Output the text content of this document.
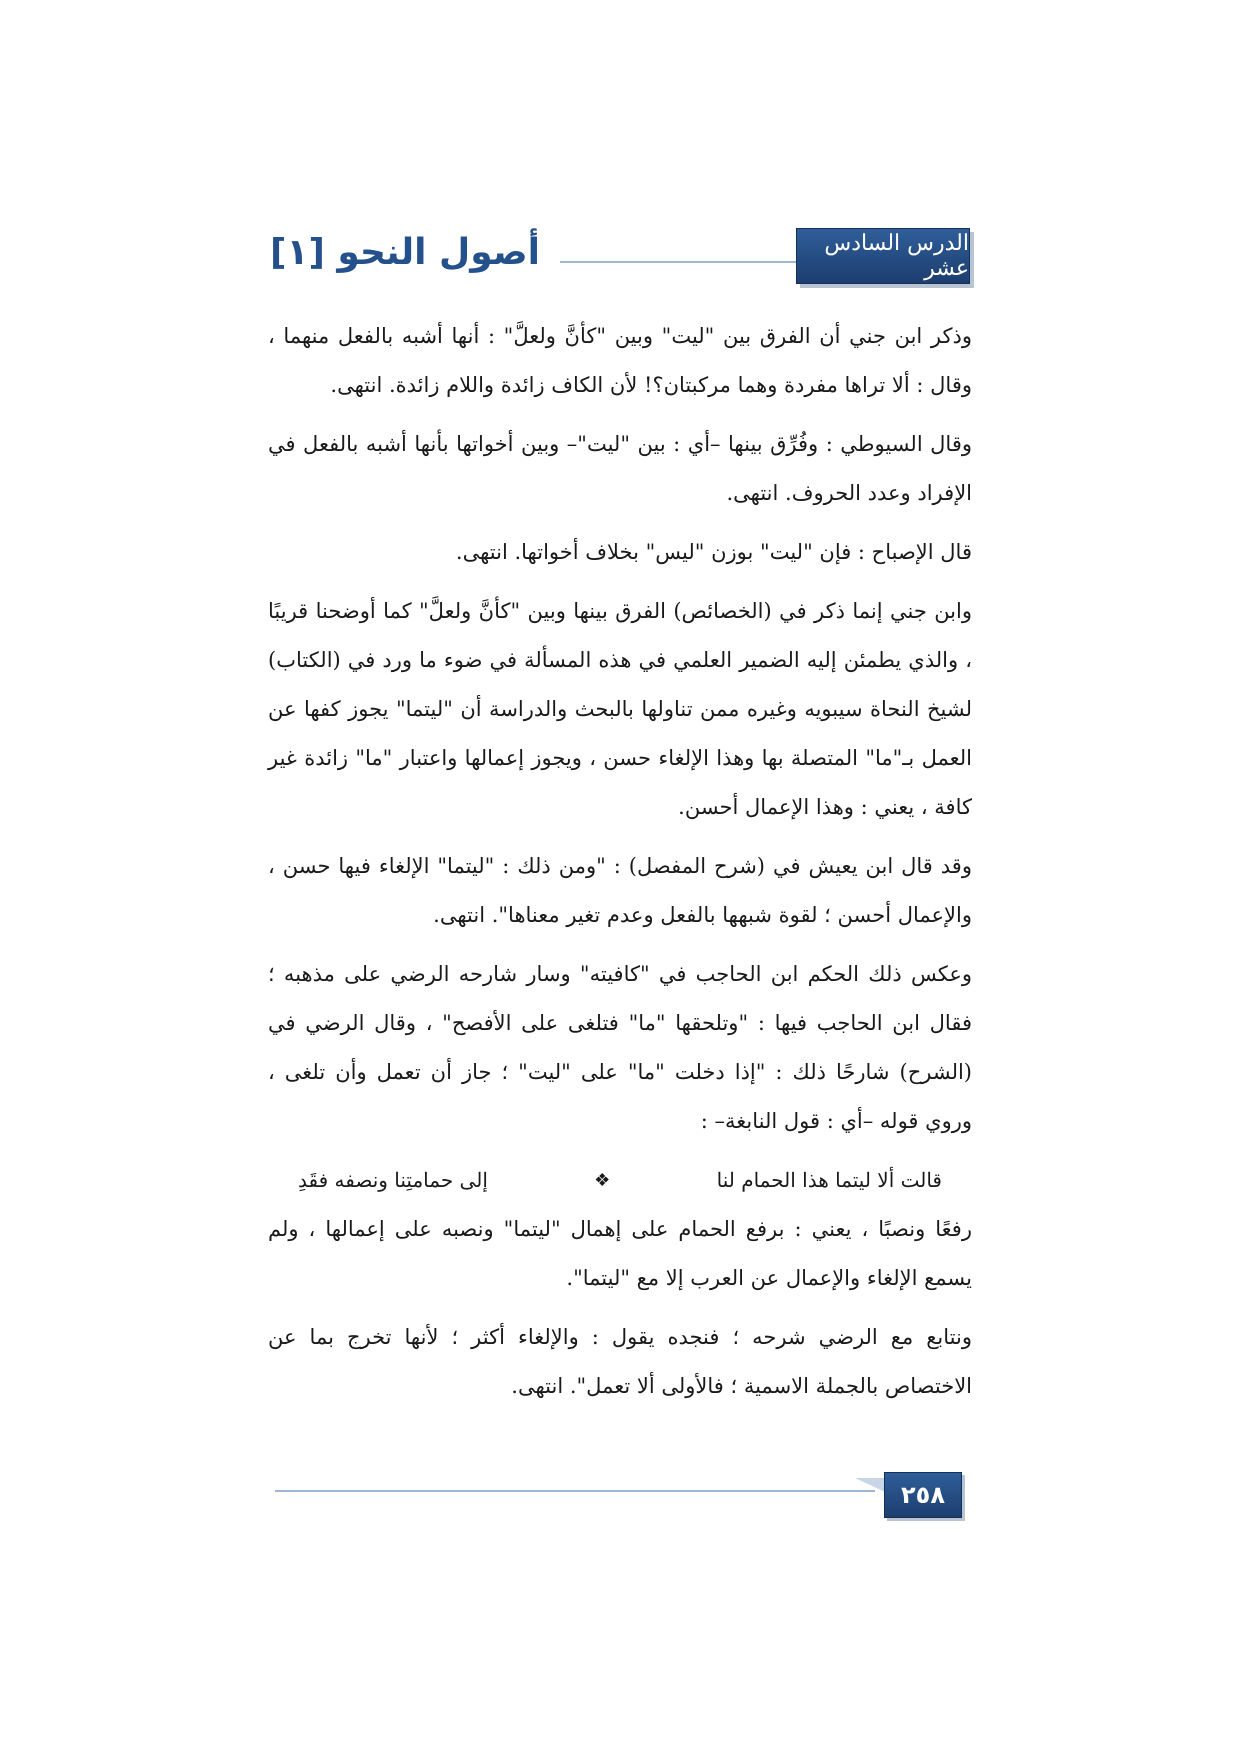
أصول النحو [١]	الدرس السادس عشر

وذكر ابن جني أن الفرق بين "ليت" وبين "كأنَّ ولعلَّ" : أنها أشبه بالفعل منهما ، وقال : ألا تراها مفردة وهما مركبتان؟! لأن الكاف زائدة واللام زائدة. انتهى.

وقال السيوطي : وفُرِّق بينها –أي : بين "ليت"– وبين أخواتها بأنها أشبه بالفعل في الإفراد وعدد الحروف. انتهى.

قال الإصباح : فإن "ليت" بوزن "ليس" بخلاف أخواتها. انتهى.

وابن جني إنما ذكر في (الخصائص) الفرق بينها وبين "كأنَّ ولعلَّ" كما أوضحنا قريبًا ، والذي يطمئن إليه الضمير العلمي في هذه المسألة في ضوء ما ورد في (الكتاب) لشيخ النحاة سيبويه وغيره ممن تناولها بالبحث والدراسة أن "ليتما" يجوز كفها عن العمل بـ"ما" المتصلة بها وهذا الإلغاء حسن ، ويجوز إعمالها واعتبار "ما" زائدة غير كافة ، يعني : وهذا الإعمال أحسن.

وقد قال ابن يعيش في (شرح المفصل) : "ومن ذلك : "ليتما" الإلغاء فيها حسن ، والإعمال أحسن ؛ لقوة شبهها بالفعل وعدم تغير معناها". انتهى.

وعكس ذلك الحكم ابن الحاجب في "كافيته" وسار شارحه الرضي على مذهبه ؛ فقال ابن الحاجب فيها : "وتلحقها "ما" فتلغى على الأفصح" ، وقال الرضي في (الشرح) شارحًا ذلك : "إذا دخلت "ما" على "ليت" ؛ جاز أن تعمل وأن تلغى ، وروي قوله –أي : قول النابغة– :

قالت ألا ليتما هذا الحمام لنا
❖
إلى حمامتِنا ونصفه فقَدِ

رفعًا ونصبًا ، يعني : برفع الحمام على إهمال "ليتما" ونصبه على إعمالها ، ولم يسمع الإلغاء والإعمال عن العرب إلا مع "ليتما".

ونتابع مع الرضي شرحه ؛ فنجده يقول : والإلغاء أكثر ؛ لأنها تخرج بما عن الاختصاص بالجملة الاسمية ؛ فالأولى ألا تعمل". انتهى.

٢٥٨
